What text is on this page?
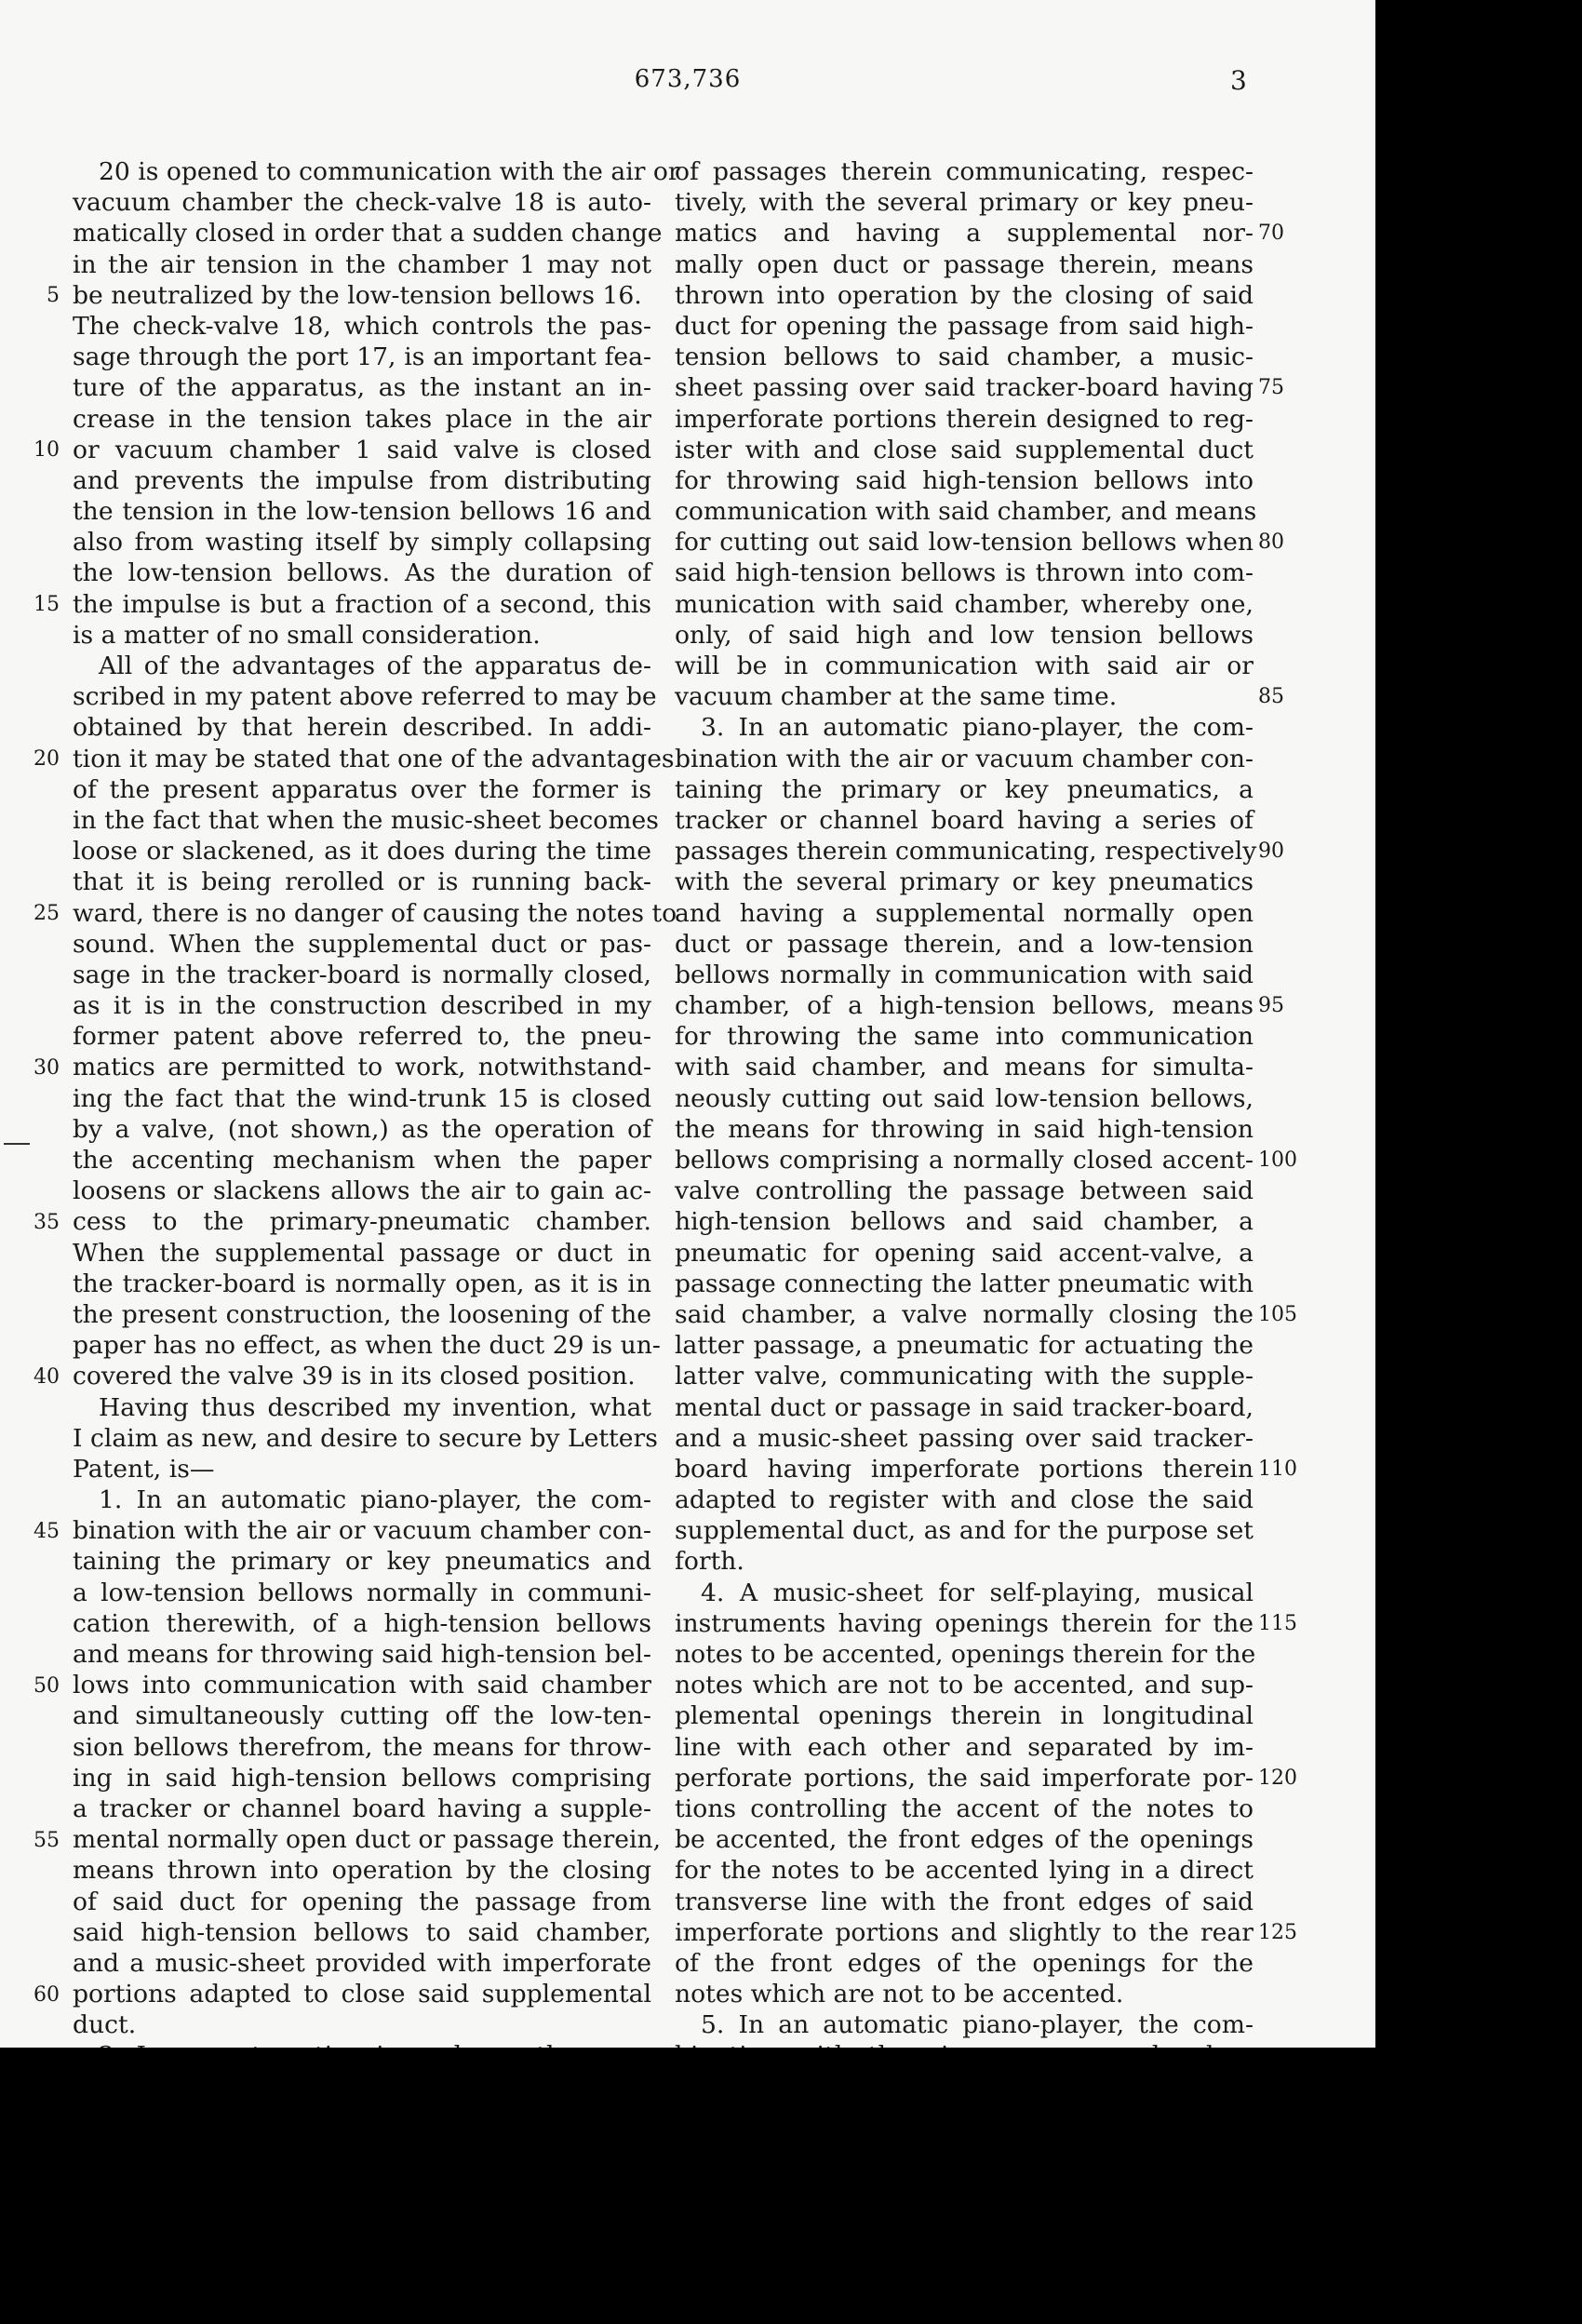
673,736	3
20 is opened to communication with the air or
vacuum chamber the check-valve 18 is auto-
matically closed in order that a sudden change
in the air tension in the chamber 1 may not
be neutralized by the low-tension bellows 16.
The check-valve 18, which controls the pas-
sage through the port 17, is an important fea-
ture of the apparatus, as the instant an in-
crease in the tension takes place in the air
or vacuum chamber 1 said valve is closed
and prevents the impulse from distributing
the tension in the low-tension bellows 16 and
also from wasting itself by simply collapsing
the low-tension bellows. As the duration of
the impulse is but a fraction of a second, this
is a matter of no small consideration.
All of the advantages of the apparatus de-
scribed in my patent above referred to may be
obtained by that herein described. In addi-
tion it may be stated that one of the advantages
of the present apparatus over the former is
in the fact that when the music-sheet becomes
loose or slackened, as it does during the time
that it is being rerolled or is running back-
ward, there is no danger of causing the notes to
sound. When the supplemental duct or pas-
sage in the tracker-board is normally closed,
as it is in the construction described in my
former patent above referred to, the pneu-
matics are permitted to work, notwithstand-
ing the fact that the wind-trunk 15 is closed
by a valve, (not shown,) as the operation of
the accenting mechanism when the paper
loosens or slackens allows the air to gain ac-
cess to the primary-pneumatic chamber.
When the supplemental passage or duct in
the tracker-board is normally open, as it is in
the present construction, the loosening of the
paper has no effect, as when the duct 29 is un-
covered the valve 39 is in its closed position.
Having thus described my invention, what
I claim as new, and desire to secure by Letters
Patent, is—
1. In an automatic piano-player, the com-
bination with the air or vacuum chamber con-
taining the primary or key pneumatics and
a low-tension bellows normally in communi-
cation therewith, of a high-tension bellows
and means for throwing said high-tension bel-
lows into communication with said chamber
and simultaneously cutting off the low-ten-
sion bellows therefrom, the means for throw-
ing in said high-tension bellows comprising
a tracker or channel board having a supple-
mental normally open duct or passage therein,
means thrown into operation by the closing
of said duct for opening the passage from
said high-tension bellows to said chamber,
and a music-sheet provided with imperforate
portions adapted to close said supplemental
duct.
of passages therein communicating, respec-
tively, with the several primary or key pneu-
matics and having a supplemental nor-
mally open duct or passage therein, means
thrown into operation by the closing of said
duct for opening the passage from said high-
tension bellows to said chamber, a music-
sheet passing over said tracker-board having
imperforate portions therein designed to reg-
ister with and close said supplemental duct
for throwing said high-tension bellows into
communication with said chamber, and means
for cutting out said low-tension bellows when
said high-tension bellows is thrown into com-
munication with said chamber, whereby one,
only, of said high and low tension bellows
will be in communication with said air or
vacuum chamber at the same time.
3. In an automatic piano-player, the com-
bination with the air or vacuum chamber con-
taining the primary or key pneumatics, a
tracker or channel board having a series of
passages therein communicating, respectively
with the several primary or key pneumatics
and having a supplemental normally open
duct or passage therein, and a low-tension
bellows normally in communication with said
chamber, of a high-tension bellows, means
for throwing the same into communication
with said chamber, and means for simulta-
neously cutting out said low-tension bellows,
the means for throwing in said high-tension
bellows comprising a normally closed accent-
valve controlling the passage between said
high-tension bellows and said chamber, a
pneumatic for opening said accent-valve, a
passage connecting the latter pneumatic with
said chamber, a valve normally closing the
latter passage, a pneumatic for actuating the
latter valve, communicating with the supple-
mental duct or passage in said tracker-board,
and a music-sheet passing over said tracker-
board having imperforate portions therein
adapted to register with and close the said
supplemental duct, as and for the purpose set
forth.
4. A music-sheet for self-playing, musical
instruments having openings therein for the
notes to be accented, openings therein for the
notes which are not to be accented, and sup-
plemental openings therein in longitudinal
line with each other and separated by im-
perforate portions, the said imperforate por-
tions controlling the accent of the notes to
be accented, the front edges of the openings
for the notes to be accented lying in a direct
transverse line with the front edges of said
imperforate portions and slightly to the rear
of the front edges of the openings for the
notes which are not to be accented.
5. In an automatic piano-player, the com-
5
10
15
20
25
30
35
40
45
50
55
60
70
75
80
85
90
95
100
105
110
115
120
125
